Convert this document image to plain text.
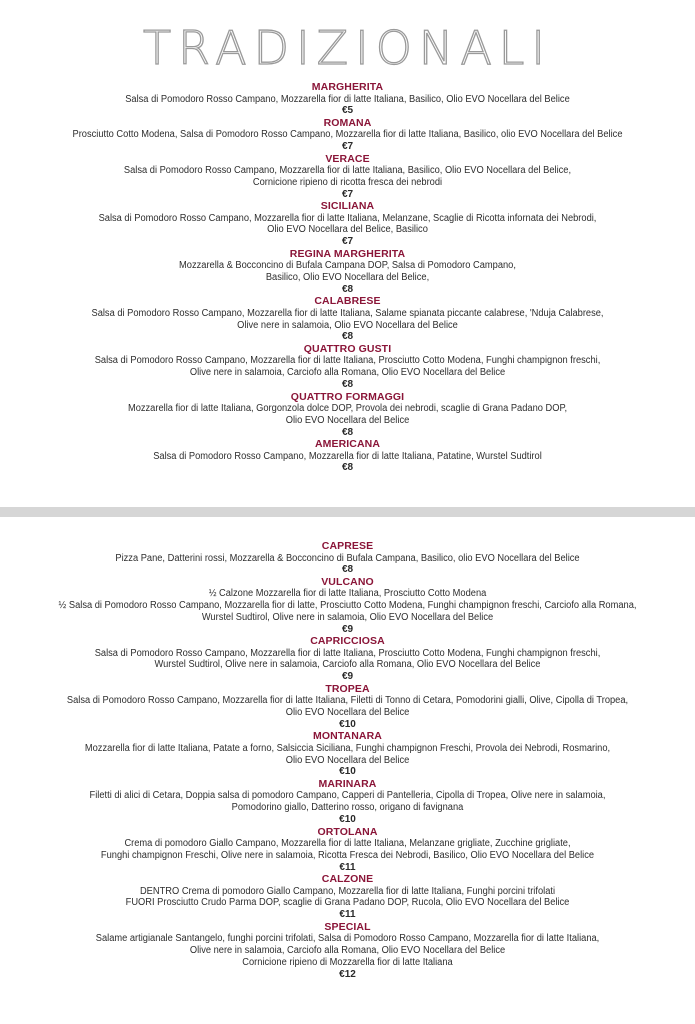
TRADIZIONALI
MARGHERITA
Salsa di Pomodoro Rosso Campano, Mozzarella fior di latte Italiana, Basilico, Olio EVO Nocellara del Belice
€5
ROMANA
Prosciutto Cotto Modena, Salsa di Pomodoro Rosso Campano, Mozzarella fior di latte Italiana, Basilico, olio EVO Nocellara del Belice
€7
VERACE
Salsa di Pomodoro Rosso Campano, Mozzarella fior di latte Italiana, Basilico, Olio EVO Nocellara del Belice,
Cornicione ripieno di ricotta fresca dei nebrodi
€7
SICILIANA
Salsa di Pomodoro Rosso Campano, Mozzarella fior di latte Italiana, Melanzane, Scaglie di Ricotta infornata dei Nebrodi,
Olio EVO Nocellara del Belice, Basilico
€7
REGINA MARGHERITA
Mozzarella & Bocconcino di Bufala Campana DOP, Salsa di Pomodoro Campano,
Basilico, Olio EVO Nocellara del Belice,
€8
CALABRESE
Salsa di Pomodoro Rosso Campano, Mozzarella fior di latte Italiana, Salame spianata piccante calabrese, 'Nduja Calabrese,
Olive nere in salamoia, Olio EVO Nocellara del Belice
€8
QUATTRO GUSTI
Salsa di Pomodoro Rosso Campano, Mozzarella fior di latte Italiana, Prosciutto Cotto Modena, Funghi champignon freschi,
Olive nere in salamoia, Carciofo alla Romana, Olio EVO Nocellara del Belice
€8
QUATTRO FORMAGGI
Mozzarella fior di latte Italiana, Gorgonzola dolce DOP, Provola dei nebrodi, scaglie di Grana Padano DOP,
Olio EVO Nocellara del Belice
€8
AMERICANA
Salsa di Pomodoro Rosso Campano, Mozzarella fior di latte Italiana, Patatine, Wurstel Sudtirol
€8
CAPRESE
Pizza Pane, Datterini rossi, Mozzarella & Bocconcino di Bufala Campana, Basilico, olio EVO Nocellara del Belice
€8
VULCANO
½ Calzone Mozzarella fior di latte Italiana, Prosciutto Cotto Modena
½ Salsa di Pomodoro Rosso Campano, Mozzarella fior di latte, Prosciutto Cotto Modena, Funghi champignon freschi, Carciofo alla Romana,
Wurstel Sudtirol, Olive nere in salamoia, Olio EVO Nocellara del Belice
€9
CAPRICCIOSA
Salsa di Pomodoro Rosso Campano, Mozzarella fior di latte Italiana, Prosciutto Cotto Modena, Funghi champignon freschi,
Wurstel Sudtirol, Olive nere in salamoia, Carciofo alla Romana, Olio EVO Nocellara del Belice
€9
TROPEA
Salsa di Pomodoro Rosso Campano, Mozzarella fior di latte Italiana, Filetti di Tonno di Cetara, Pomodorini gialli, Olive, Cipolla di Tropea,
Olio EVO Nocellara del Belice
€10
MONTANARA
Mozzarella fior di latte Italiana, Patate a forno, Salsiccia Siciliana, Funghi champignon Freschi, Provola dei Nebrodi, Rosmarino,
Olio EVO Nocellara del Belice
€10
MARINARA
Filetti di alici di Cetara, Doppia salsa di pomodoro Campano, Capperi di Pantelleria, Cipolla di Tropea, Olive nere in salamoia,
Pomodorino giallo, Datterino rosso, origano di favignana
€10
ORTOLANA
Crema di pomodoro Giallo Campano, Mozzarella fior di latte Italiana, Melanzane grigliate, Zucchine grigliate,
Funghi champignon Freschi, Olive nere in salamoia, Ricotta Fresca dei Nebrodi, Basilico, Olio EVO Nocellara del Belice
€11
CALZONE
DENTRO Crema di pomodoro Giallo Campano, Mozzarella fior di latte Italiana, Funghi porcini trifolati
FUORI Prosciutto Crudo Parma DOP, scaglie di Grana Padano DOP, Rucola, Olio EVO Nocellara del Belice
€11
SPECIAL
Salame artigianale Santangelo, funghi porcini trifolati, Salsa di Pomodoro Rosso Campano, Mozzarella fior di latte Italiana,
Olive nere in salamoia, Carciofo alla Romana, Olio EVO Nocellara del Belice
Cornicione ripieno di Mozzarella fior di latte Italiana
€12
